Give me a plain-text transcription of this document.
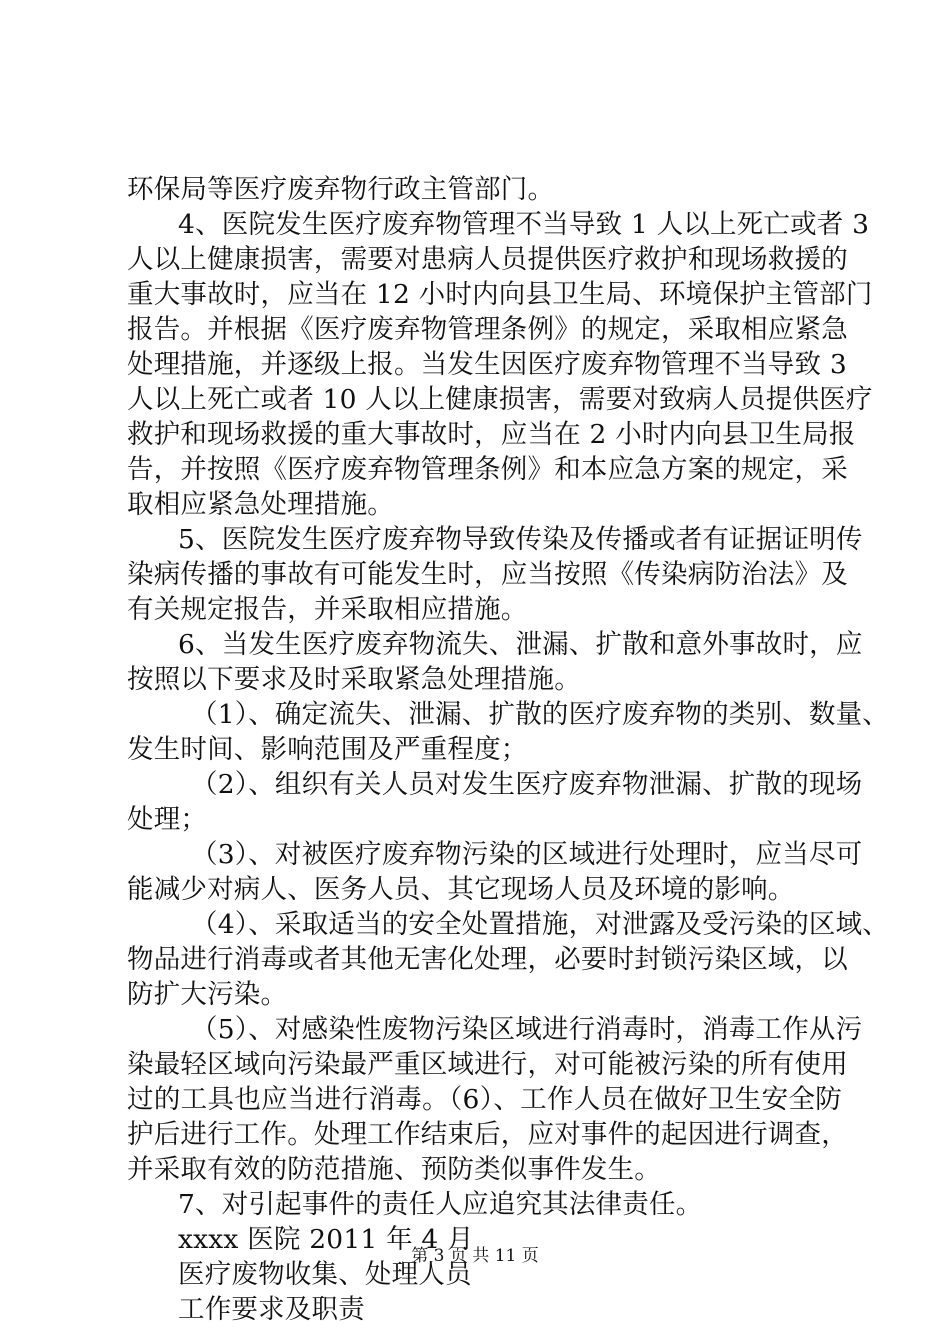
环保局等医疗废弃物行政主管部门。
4、医院发生医疗废弃物管理不当导致 1 人以上死亡或者 3
人以上健康损害，需要对患病人员提供医疗救护和现场救援的
重大事故时，应当在 12 小时内向县卫生局、环境保护主管部门
报告。并根据《医疗废弃物管理条例》的规定，采取相应紧急
处理措施，并逐级上报。当发生因医疗废弃物管理不当导致 3
人以上死亡或者 10 人以上健康损害，需要对致病人员提供医疗
救护和现场救援的重大事故时，应当在 2 小时内向县卫生局报
告，并按照《医疗废弃物管理条例》和本应急方案的规定，采
取相应紧急处理措施。
5、医院发生医疗废弃物导致传染及传播或者有证据证明传
染病传播的事故有可能发生时，应当按照《传染病防治法》及
有关规定报告，并采取相应措施。
6、当发生医疗废弃物流失、泄漏、扩散和意外事故时，应
按照以下要求及时采取紧急处理措施。
（1）、确定流失、泄漏、扩散的医疗废弃物的类别、数量、
发生时间、影响范围及严重程度；
（2）、组织有关人员对发生医疗废弃物泄漏、扩散的现场
处理；
（3）、对被医疗废弃物污染的区域进行处理时，应当尽可
能减少对病人、医务人员、其它现场人员及环境的影响。
（4）、采取适当的安全处置措施，对泄露及受污染的区域、
物品进行消毒或者其他无害化处理，必要时封锁污染区域，以
防扩大污染。
（5）、对感染性废物污染区域进行消毒时，消毒工作从污
染最轻区域向污染最严重区域进行，对可能被污染的所有使用
过的工具也应当进行消毒。（6）、工作人员在做好卫生安全防
护后进行工作。处理工作结束后，应对事件的起因进行调查，
并采取有效的防范措施、预防类似事件发生。
7、对引起事件的责任人应追究其法律责任。
xxxx 医院 2011 年 4 月
医疗废物收集、处理人员
工作要求及职责
第 3 页 共 11 页
